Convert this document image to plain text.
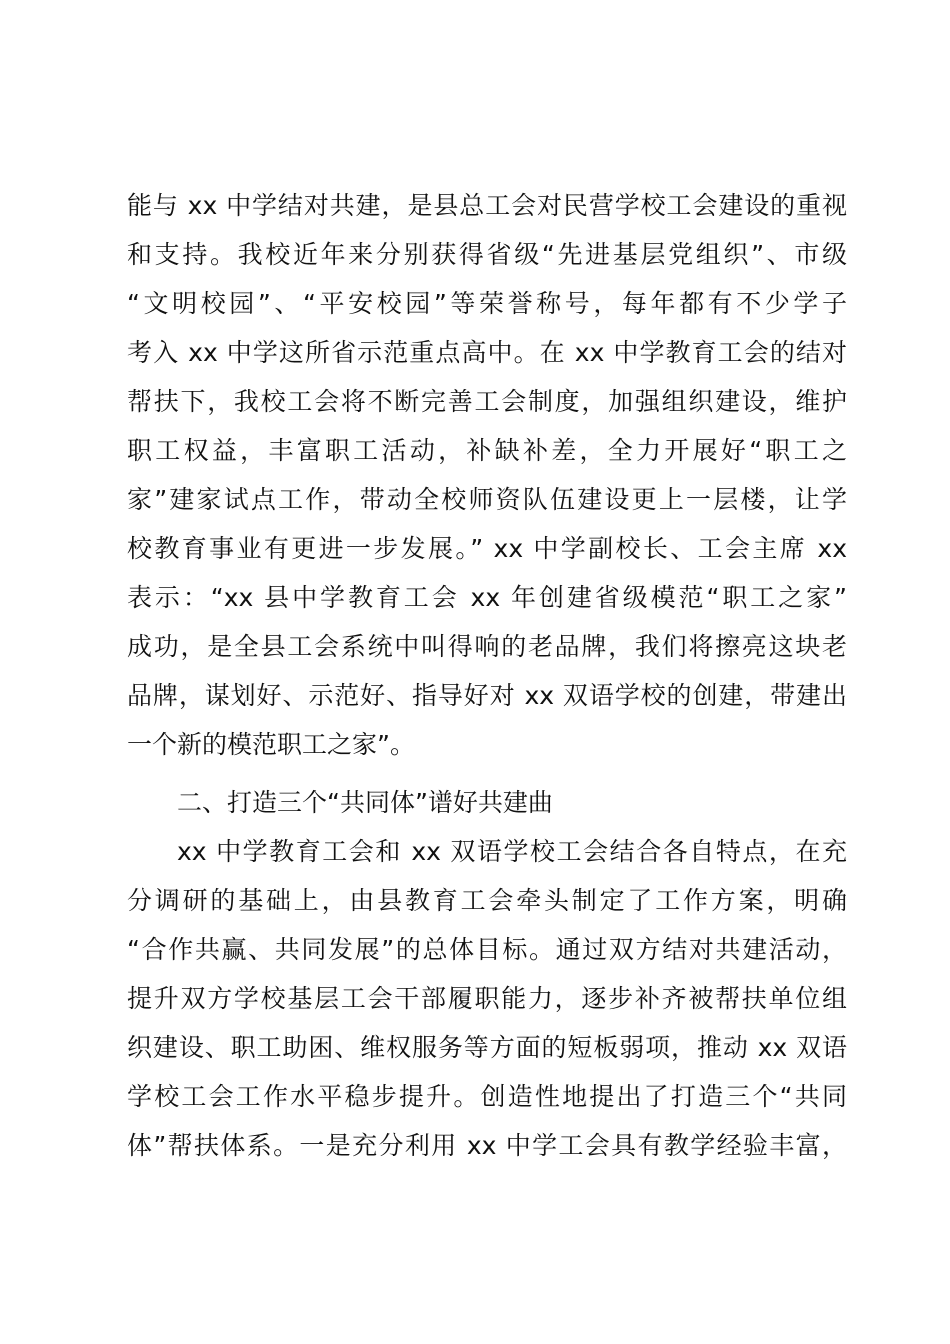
能与 xx 中学结对共建，是县总工会对民营学校工会建设的重视
和支持。我校近年来分别获得省级“先进基层党组织”、市级
“文明校园”、“平安校园”等荣誉称号，每年都有不少学子
考入 xx 中学这所省示范重点高中。在 xx 中学教育工会的结对
帮扶下，我校工会将不断完善工会制度，加强组织建设，维护
职工权益，丰富职工活动，补缺补差，全力开展好“职工之
家”建家试点工作，带动全校师资队伍建设更上一层楼，让学
校教育事业有更进一步发展。” xx 中学副校长、工会主席 xx
表示：“xx 县中学教育工会 xx 年创建省级模范“职工之家”
成功，是全县工会系统中叫得响的老品牌，我们将擦亮这块老
品牌，谋划好、示范好、指导好对 xx 双语学校的创建，带建出
一个新的模范职工之家”。
二、打造三个“共同体”谱好共建曲
xx 中学教育工会和 xx 双语学校工会结合各自特点，在充
分调研的基础上，由县教育工会牵头制定了工作方案，明确
“合作共赢、共同发展”的总体目标。通过双方结对共建活动，
提升双方学校基层工会干部履职能力，逐步补齐被帮扶单位组
织建设、职工助困、维权服务等方面的短板弱项，推动 xx 双语
学校工会工作水平稳步提升。创造性地提出了打造三个“共同
体”帮扶体系。一是充分利用 xx 中学工会具有教学经验丰富，
